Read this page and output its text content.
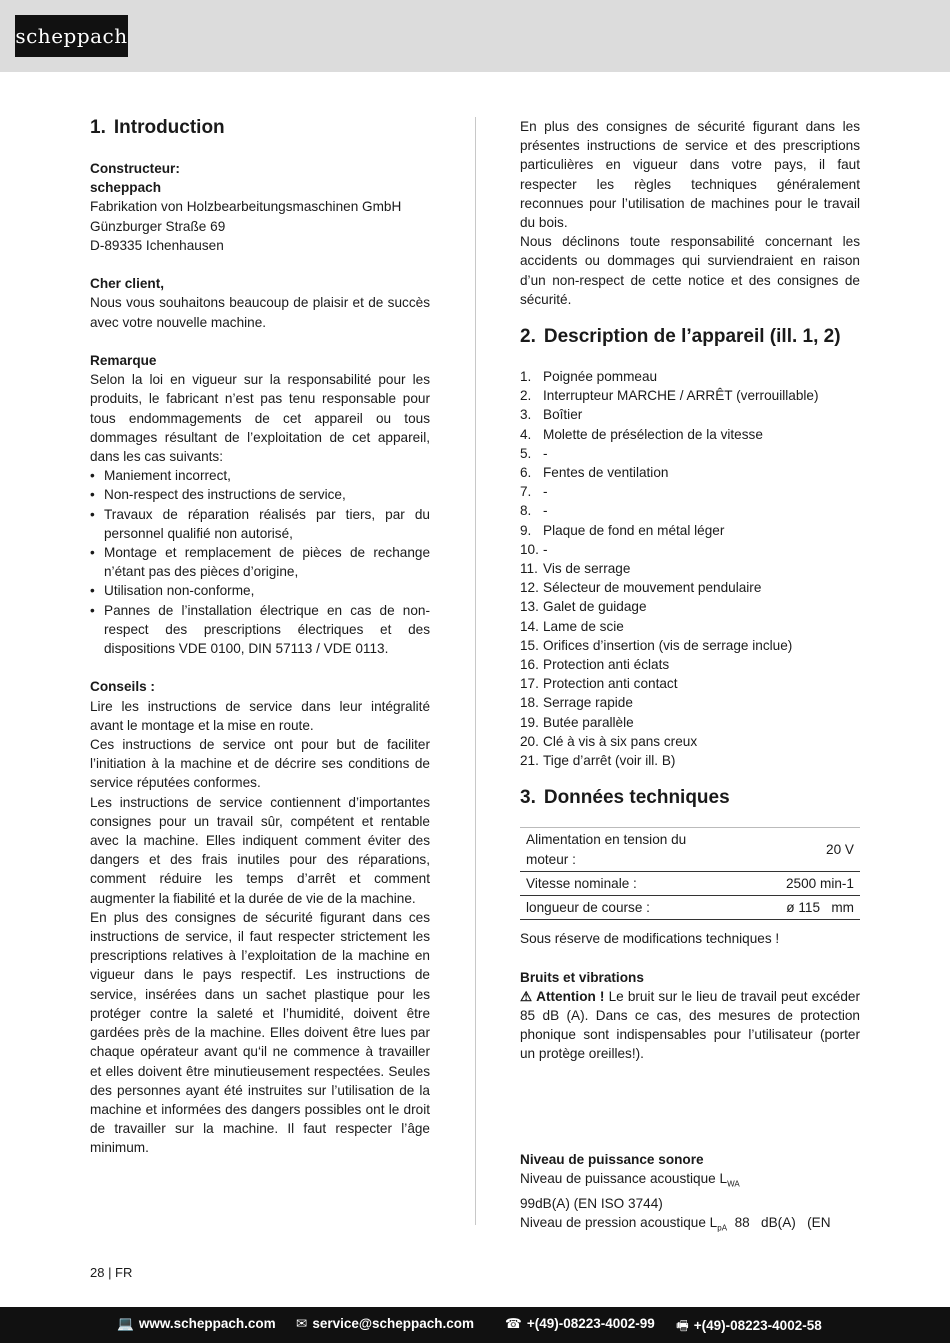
scheppach
1. Introduction

Constructeur:

scheppach

Fabrikation von Holzbearbeitungsmaschinen GmbH

Günzburger Straße 69

D-89335 Ichenhausen

Cher client,

Nous vous souhaitons beaucoup de plaisir et de succès avec votre nouvelle machine.

Remarque

Selon la loi en vigueur sur la responsabilité pour les produits, le fabricant n’est pas tenu responsable pour tous endommagements de cet appareil ou tous dommages résultant de l’exploitation de cet appareil, dans les cas suivants:

• Maniement incorrect,
• Non-respect des instructions de service,
• Travaux de réparation réalisés par tiers, par du personnel qualifié non autorisé,
• Montage et remplacement de pièces de rechange n’étant pas des pièces d’origine,
• Utilisation non-conforme,
• Pannes de l’installation électrique en cas de non-respect des prescriptions électriques et des dispositions VDE 0100, DIN 57113 / VDE 0113.

Conseils :

Lire les instructions de service dans leur intégralité avant le montage et la mise en route.

Ces instructions de service ont pour but de faciliter l’initiation à la machine et de décrire ses conditions de service réputées conformes.

Les instructions de service contiennent d’importantes consignes pour un travail sûr, compétent et rentable avec la machine. Elles indiquent comment éviter des dangers et des frais inutiles pour des réparations, comment réduire les temps d’arrêt et comment augmenter la fiabilité et la durée de vie de la machine.

En plus des consignes de sécurité figurant dans ces instructions de service, il faut respecter strictement les prescriptions relatives à l’exploitation de la machine en vigueur dans le pays respectif. Les instructions de service, insérées dans un sachet plastique pour les protéger contre la saleté et l’humidité, doivent être gardées près de la machine. Elles doivent être lues par chaque opérateur avant qu‘il ne commence à travailler et elles doivent être minutieusement respectées. Seules des personnes ayant été instruites sur l’utilisation de la machine et informées des dangers possibles ont le droit de travailler sur la machine. Il faut respecter l’âge minimum.

En plus des consignes de sécurité figurant dans les présentes instructions de service et des prescriptions particulières en vigueur dans votre pays, il faut respecter les règles techniques généralement reconnues pour l’utilisation de machines pour le travail du bois.

Nous déclinons toute responsabilité concernant les accidents ou dommages qui surviendraient en raison d’un non-respect de cette notice et des consignes de sécurité.

2. Description de l’appareil (ill. 1, 2)
1. Poignée pommeau
2. Interrupteur MARCHE / ARRÊT (verrouillable)
3. Boîtier
4. Molette de présélection de la vitesse
5. -
6. Fentes de ventilation
7. -
8. -
9. Plaque de fond en métal léger
10. -
11. Vis de serrage
12. Sélecteur de mouvement pendulaire
13. Galet de guidage
14. Lame de scie
15. Orifices d’insertion (vis de serrage inclue)
16. Protection anti éclats
17. Protection anti contact
18. Serrage rapide
19. Butée parallèle
20. Clé à vis à six pans creux
21. Tige d’arrêt (voir ill. B)
3. Données techniques
Alimentation en tension du moteur :	20 V
Vitesse nominale :	2500 min-1
longueur de course :	ø 115   mm

Sous réserve de modifications techniques !

Bruits et vibrations

⚠ Attention ! Le bruit sur le lieu de travail peut excéder 85 dB (A). Dans ce cas, des mesures de protection phonique sont indispensables pour l’utilisateur (porter un protège oreilles!).

Niveau de puissance sonore

Niveau de puissance acoustique $L_{WA}$

99dB(A) (EN ISO 3744)

Niveau de pression acoustique $L_{pA}$  88   dB(A)   (EN

28 | FR
💻 www.scheppach.com ✉ service@scheppach.com ☎ +(49)-08223-4002-99 🖷 +(49)-08223-4002-58
